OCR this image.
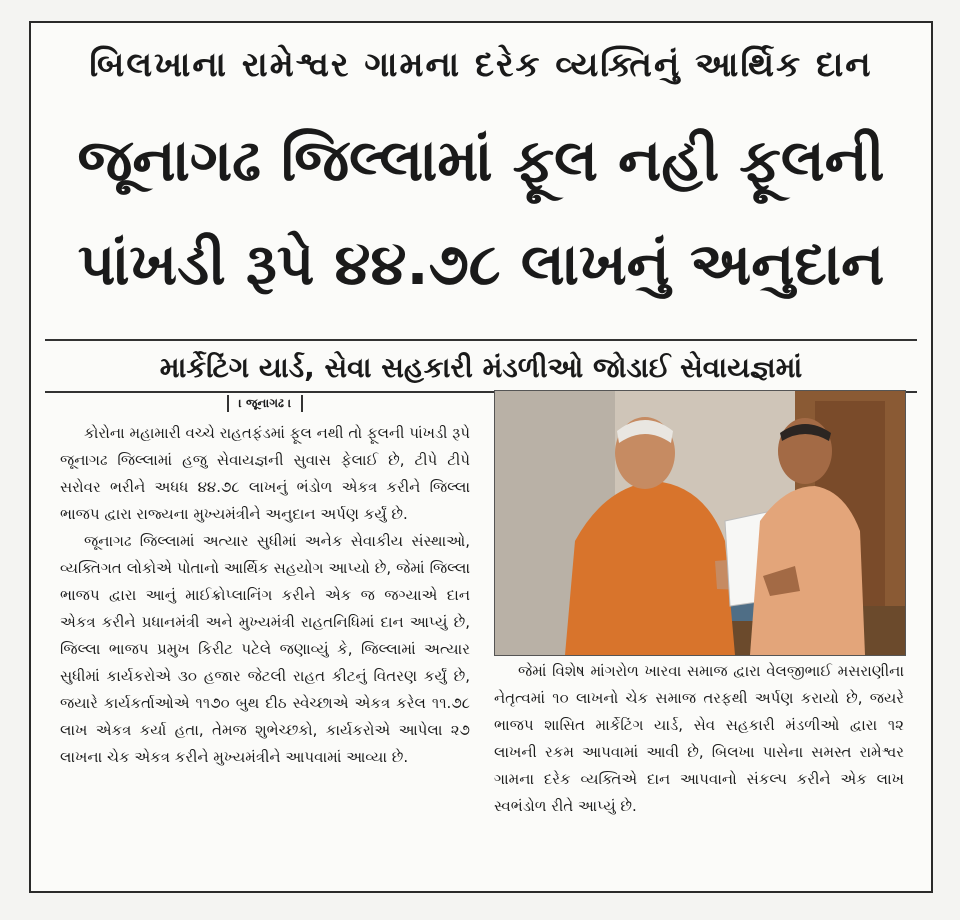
બિલખાના રામેશ્વર ગામના દરેક વ્યક્તિનું આર્થિક દાન
જૂનાગઢ જિલ્લામાં ફૂલ નહી ફૂલની
પાંખડી રૂપે ૪૪.૭૮ લાખનું અનુદાન
માર્કેટિંગ યાર્ડ, સેવા સહકારી મંડળીઓ જોડાઈ સેવાયજ્ઞમાં
। જૂનાગઢ ।

કોરોના મહામારી વચ્ચે રાહતફંડમાં ફૂલ નથી તો ફૂલની પાંખડી રૂપે જૂનાગઢ જિલ્લામાં હજુ સેવાયજ્ઞની સુવાસ ફેલાઈ છે, ટીપે ટીપે સરોવર ભરીને અધધ ૪૪.૭૮ લાખનું ભંડોળ એકત્ર કરીને જિલ્લા ભાજપ દ્વારા રાજ્યના મુખ્યમંત્રીને અનુદાન અર્પણ કર્યું છે.

જૂનાગઢ જિલ્લામાં અત્યાર સુધીમાં અનેક સેવાકીય સંસ્થાઓ, વ્યક્તિગત લોકોએ પોતાનો આર્થિક સહયોગ આપ્યો છે, જેમાં જિલ્લા ભાજપ દ્વારા આનું માઈક્રોપ્લાનિંગ કરીને એક જ જગ્યાએ દાન એકત્ર કરીને પ્રધાનમંત્રી અને મુખ્યમંત્રી રાહતનિધિમાં દાન આપ્યું છે, જિલ્લા ભાજપ પ્રમુખ કિરીટ પટેલે જણાવ્યું કે, જિલ્લામાં અત્યાર સુધીમાં કાર્યકરોએ ૩૦ હજાર જેટલી રાહત કીટનું વિતરણ કર્યું છે, જયારે કાર્યકર્તાઓએ ૧૧૭૦ બુથ દીઠ સ્વેચ્છાએ એકત્ર કરેલ ૧૧.૭૮ લાખ એકત્ર કર્યા હતા, તેમજ શુભેચ્છકો, કાર્યકરોએ આપેલા ૨૭ લાખના ચેક એકત્ર કરીને મુખ્યમંત્રીને આપવામાં આવ્યા છે.

જેમાં વિશેષ માંગરોળ ખારવા સમાજ દ્વારા વેલજીભાઈ મસરાણીના નેતૃત્વમાં ૧૦ લાખનો ચેક સમાજ તરફથી અર્પણ કરાયો છે, જયરે ભાજપ શાસિત માર્કેટિંગ યાર્ડ, સેવ સહકારી મંડળીઓ દ્વારા ૧૨ લાખની રકમ આપવામાં આવી છે, બિલખા પાસેના સમસ્ત રામેશ્વર ગામના દરેક વ્યક્તિએ દાન આપવાનો સંકલ્પ કરીને એક લાખ સ્વભંડોળ રીતે આપ્યું છે.
